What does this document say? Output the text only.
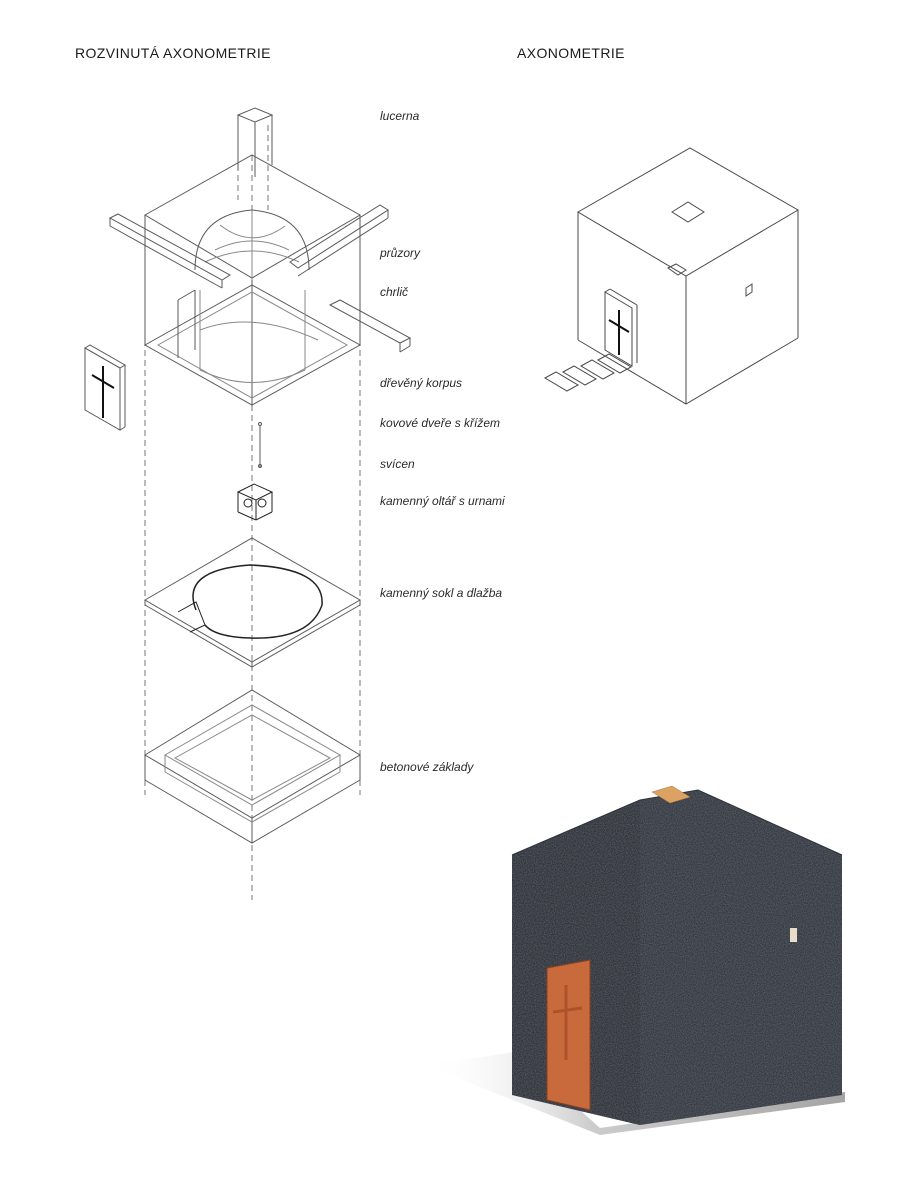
ROZVINUTÁ AXONOMETRIE	AXONOMETRIE
lucerna
průzory
chrlič
dřevěný korpus
kovové dveře s křížem
svícen
kamenný oltář s urnami
kamenný sokl a dlažba
betonové základy
